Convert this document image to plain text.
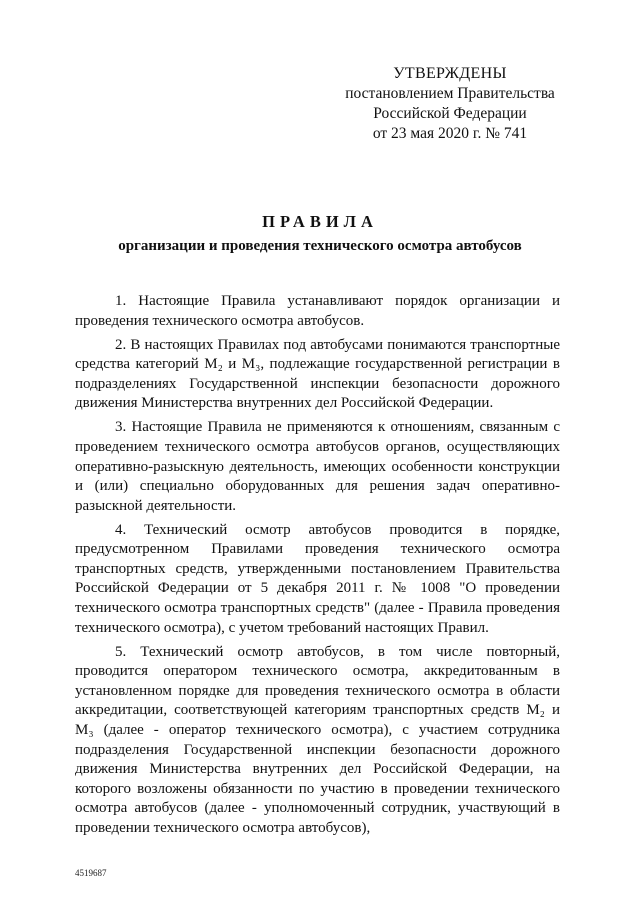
УТВЕРЖДЕНЫ
постановлением Правительства
Российской Федерации
от 23 мая 2020 г. № 741
ПРАВИЛА
организации и проведения технического осмотра автобусов

1. Настоящие Правила устанавливают порядок организации и проведения технического осмотра автобусов.

2. В настоящих Правилах под автобусами понимаются транспортные средства категорий M₂ и M₃, подлежащие государственной регистрации в подразделениях Государственной инспекции безопасности дорожного движения Министерства внутренних дел Российской Федерации.

3. Настоящие Правила не применяются к отношениям, связанным с проведением технического осмотра автобусов органов, осуществляющих оперативно-разыскную деятельность, имеющих особенности конструкции и (или) специально оборудованных для решения задач оперативно-разыскной деятельности.

4. Технический осмотр автобусов проводится в порядке, предусмотренном Правилами проведения технического осмотра транспортных средств, утвержденными постановлением Правительства Российской Федерации от 5 декабря 2011 г. № 1008 "О проведении технического осмотра транспортных средств" (далее - Правила проведения технического осмотра), с учетом требований настоящих Правил.

5. Технический осмотр автобусов, в том числе повторный, проводится оператором технического осмотра, аккредитованным в установленном порядке для проведения технического осмотра в области аккредитации, соответствующей категориям транспортных средств M₂ и M₃ (далее - оператор технического осмотра), с участием сотрудника подразделения Государственной инспекции безопасности дорожного движения Министерства внутренних дел Российской Федерации, на которого возложены обязанности по участию в проведении технического осмотра автобусов (далее - уполномоченный сотрудник, участвующий в проведении технического осмотра автобусов),

4519687
